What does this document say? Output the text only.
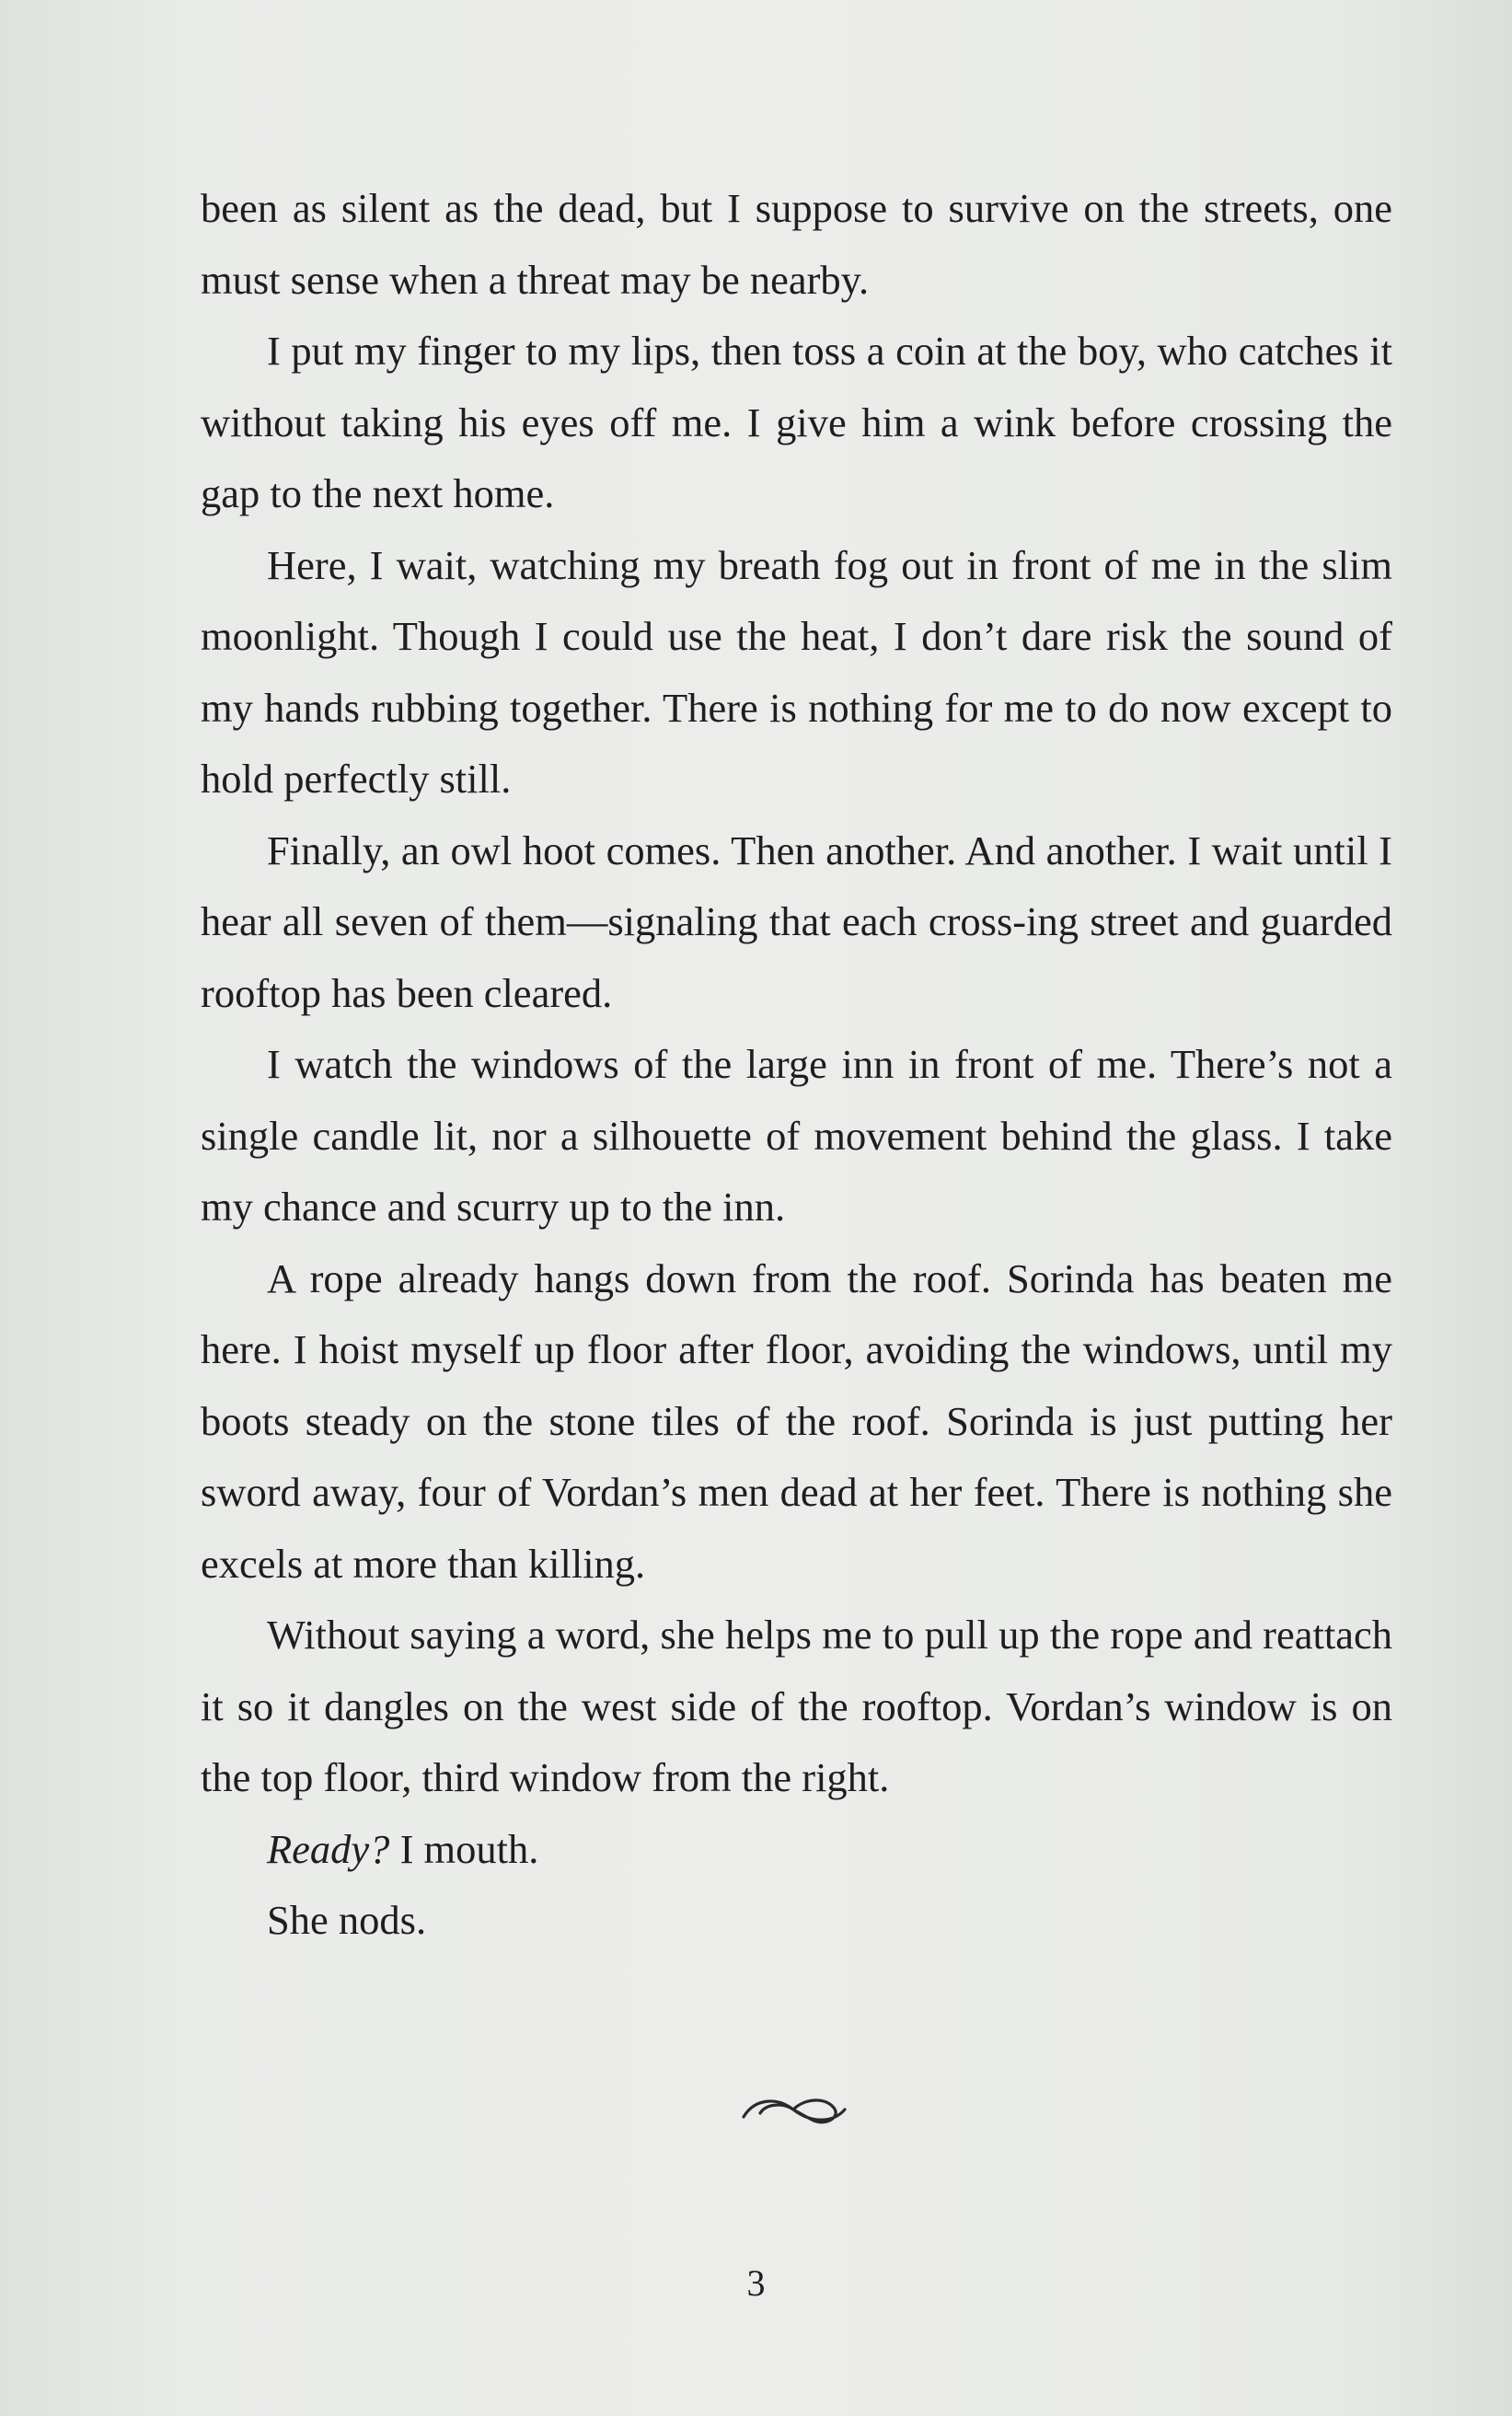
been as silent as the dead, but I suppose to survive on the streets, one must sense when a threat may be nearby.

I put my finger to my lips, then toss a coin at the boy, who catches it without taking his eyes off me. I give him a wink before crossing the gap to the next home.

Here, I wait, watching my breath fog out in front of me in the slim moonlight. Though I could use the heat, I don’t dare risk the sound of my hands rubbing together. There is nothing for me to do now except to hold perfectly still.

Finally, an owl hoot comes. Then another. And another. I wait until I hear all seven of them—signaling that each cross-ing street and guarded rooftop has been cleared.

I watch the windows of the large inn in front of me. There’s not a single candle lit, nor a silhouette of movement behind the glass. I take my chance and scurry up to the inn.

A rope already hangs down from the roof. Sorinda has beaten me here. I hoist myself up floor after floor, avoiding the windows, until my boots steady on the stone tiles of the roof. Sorinda is just putting her sword away, four of Vordan’s men dead at her feet. There is nothing she excels at more than killing.

Without saying a word, she helps me to pull up the rope and reattach it so it dangles on the west side of the rooftop. Vordan’s window is on the top floor, third window from the right.

Ready? I mouth.

She nods.

3
